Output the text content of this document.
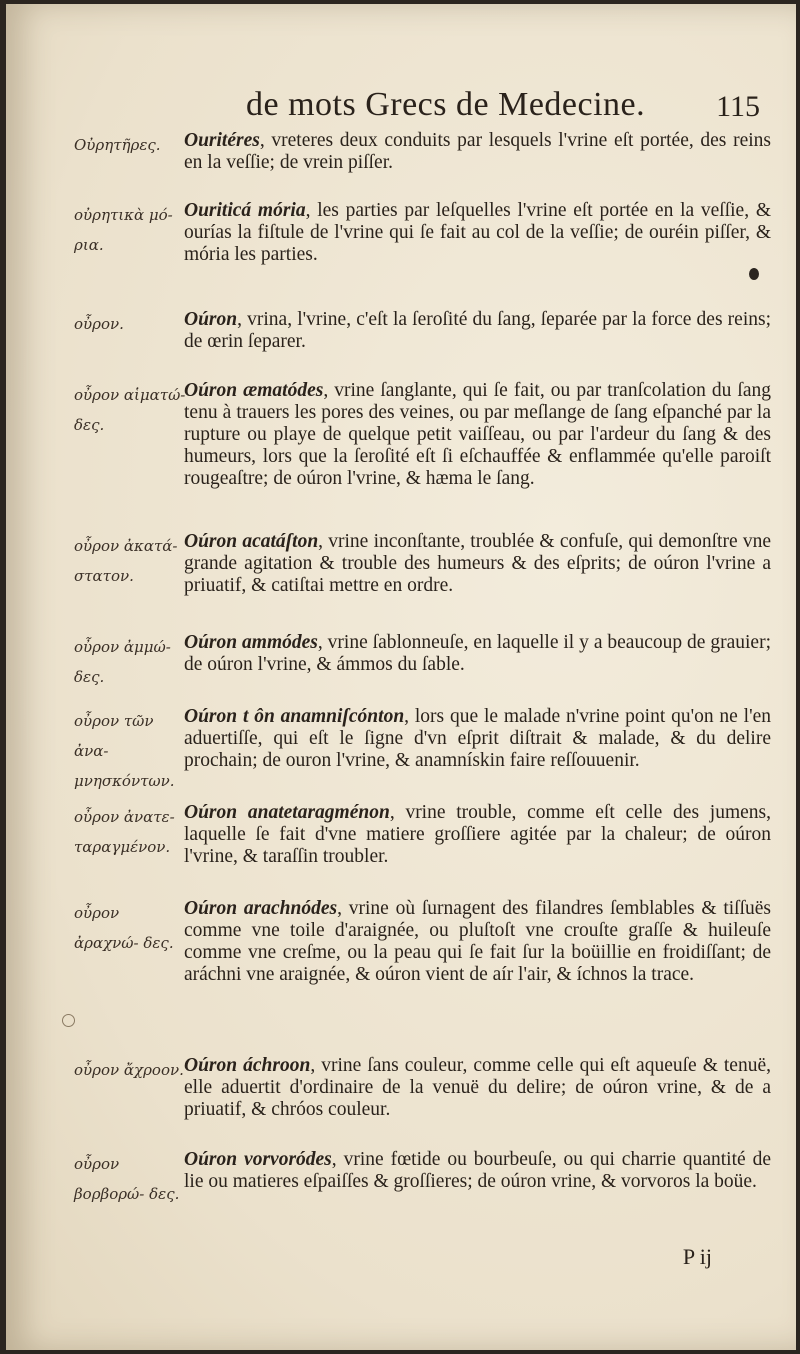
de mots Grecs de Medecine. 115
Οὐρητῆρες.	Ouritéres, vreteres deux conduits par lesquels l'vrine eſt portée, des reins en la veſſie; de vrein piſſer.

οὐρητικὰ μό- ρια.

Ouriticá mória, les parties par leſquelles l'vrine eſt portée en la veſſie, & ourías la fiſtule de l'vrine qui ſe fait au col de la veſſie; de ouréin piſſer, & mória les parties.

οὖρον.	Oúron, vrina, l'vrine, c'eſt la ſeroſité du ſang, ſeparée par la force des reins; de œrin ſeparer.

οὖρον αἱματώ- δες.

Oúron æmatódes, vrine ſanglante, qui ſe fait, ou par tranſcolation du ſang tenu à trauers les pores des veines, ou par meſlange de ſang eſpanché par la rupture ou playe de quelque petit vaiſſeau, ou par l'ardeur du ſang & des humeurs, lors que la ſeroſité eſt ſi eſchauffée & enflammée qu'elle paroiſt rougeaſtre; de oúron l'vrine, & hæma le ſang.

οὖρον ἀκατά- στατον.

Oúron acatáſton, vrine inconſtante, troublée & confuſe, qui demonſtre vne grande agitation & trouble des humeurs & des eſprits; de oúron l'vrine a priuatif, & catiſtai mettre en ordre.

οὖρον ἀμμώ- δες.

Oúron ammódes, vrine ſablonneuſe, en laquelle il y a beaucoup de grauier; de oúron l'vrine, & ámmos du ſable.

οὖρον τῶν ἀνα- μνησκόντων.

Oúron t ôn anamniſcónton, lors que le malade n'vrine point qu'on ne l'en aduertiſſe, qui eſt le ſigne d'vn eſprit diſtrait & malade, & du delire prochain; de ouron l'vrine, & anamnískin faire reſſouuenir.

οὖρον ἀνατε- ταραγμένον.

Oúron anatetaragménon, vrine trouble, comme eſt celle des jumens, laquelle ſe fait d'vne matiere groſſiere agitée par la chaleur; de oúron l'vrine, & taraſſin troubler.

οὖρον ἀραχνώ- δες.

Oúron arachnódes, vrine où ſurnagent des filandres ſemblables & tiſſuës comme vne toile d'araignée, ou pluſtoſt vne crouſte graſſe & huileuſe comme vne creſme, ou la peau qui ſe fait ſur la boüillie en froidiſſant; de aráchni vne araignée, & oúron vient de aír l'air, & íchnos la trace.

οὖρον ἄχροον. Oúron áchroon, vrine ſans couleur, comme celle qui eſt aqueuſe & tenuë, elle aduertit d'ordinaire de la venuë du delire; de oúron vrine, & de a priuatif, & chróos couleur.

οὖρον βορβορώ- δες.

Oúron vorvoródes, vrine fœtide ou bourbeuſe, ou qui charrie quantité de lie ou matieres eſpaiſſes & groſſieres; de oúron vrine, & vorvoros la boüe.

P ij
